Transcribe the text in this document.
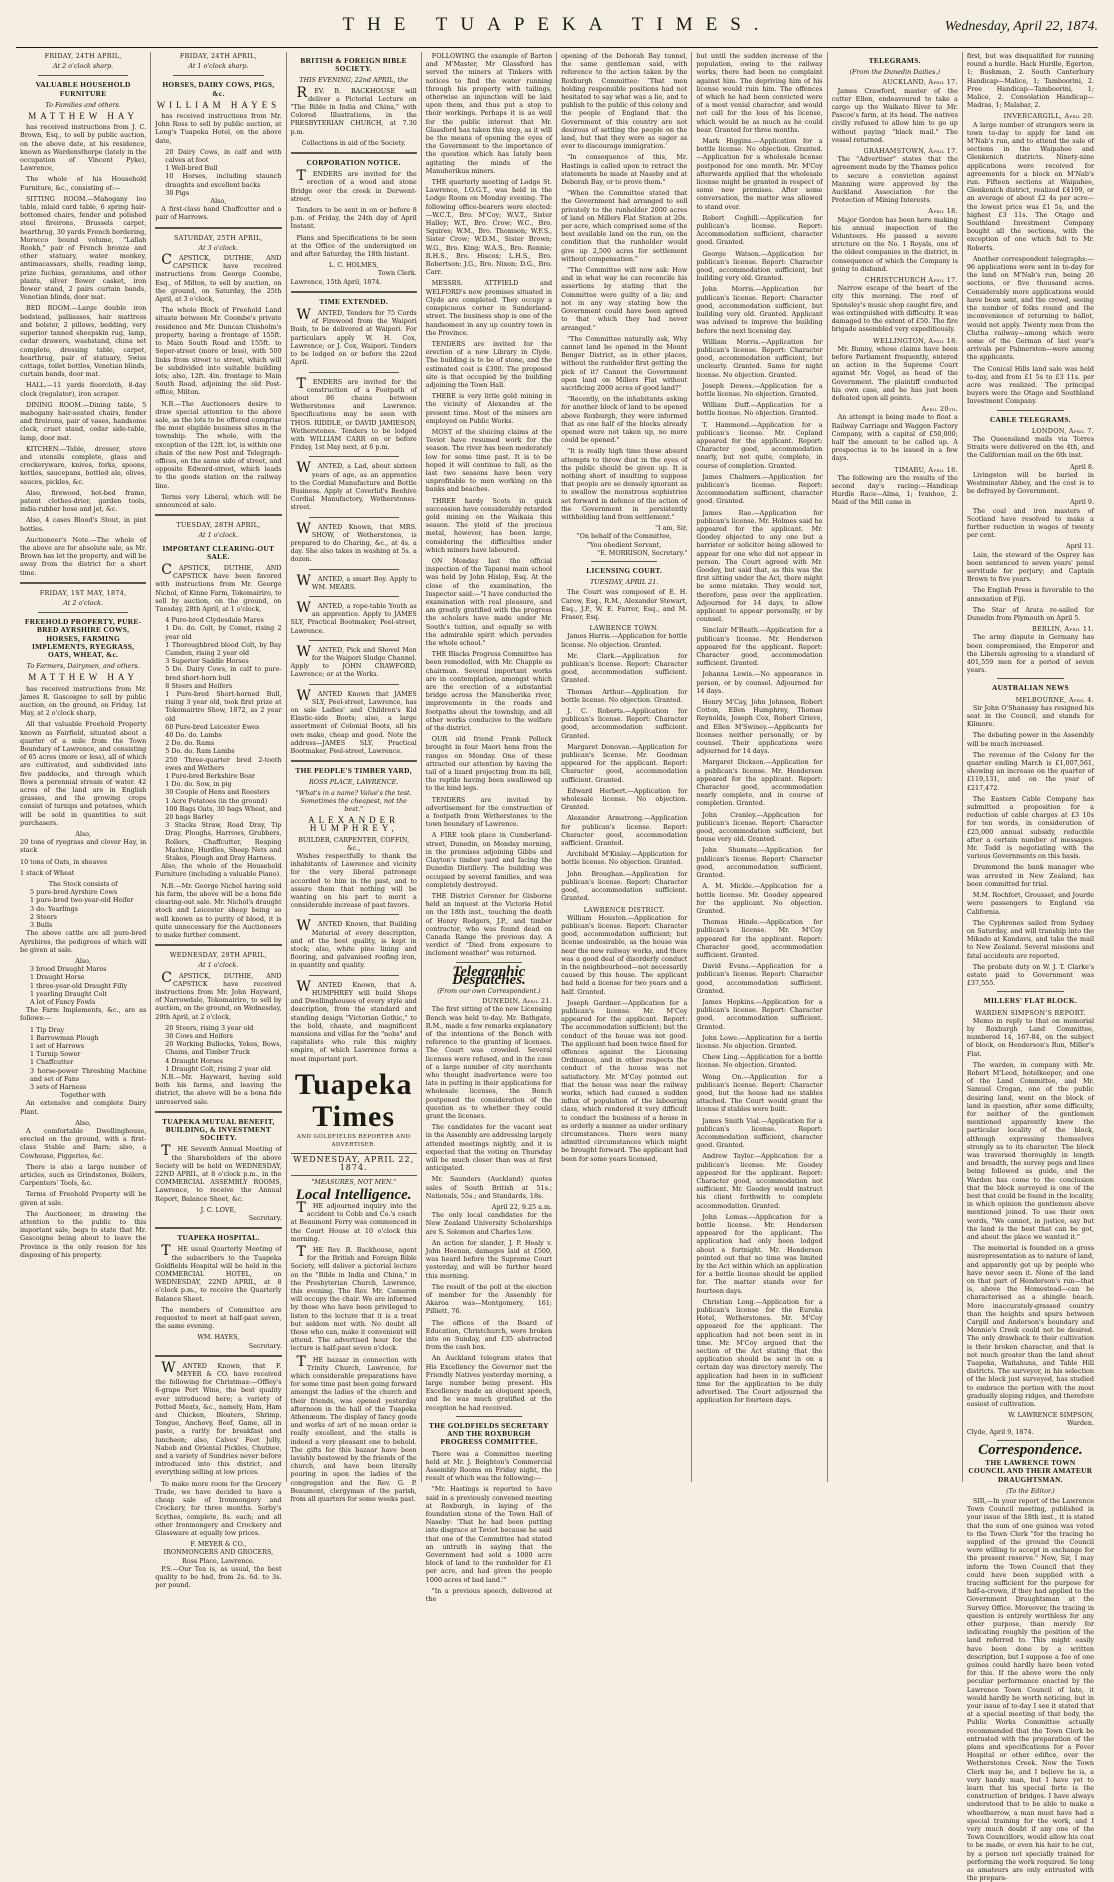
THE TUAPEKA TIMES.	Wednesday, April 22, 1874.
FRIDAY, 24TH APRIL,
At 2 o'clock sharp.
VALUABLE HOUSEHOLD FURNITURE
To Families and others.
MATTHEW HAY

has received instructions from J. C. Brown, Esq., to sell by public auction, on the above date, at his residence, known as Wardensthorpe (lately in the occupation of Vincent Pyke), Lawrence,

The whole of his Household Furniture, &c., consisting of:—

SITTING ROOM.—Mahogany loo table, inlaid card table, 6 spring hair-bottomed chairs, fender and polished steel fireirons, Brussels carpet, hearthrug, 30 yards French bordering, Morocco bound volume, "Lallah Rookh," pair of French bronze and other statuary, water monkey, antimacassars, shells, reading lamp, prize fuchias, geraniums, and other plants, silver flower casket, iron flower stand, 2 pairs curtain bands, Venetian blinds, door mat.

BED ROOM.—Large double iron bedstead, palliasses, hair mattress and bolster, 2 pillows, bedding, very superior tanned sheepskin rug, lamp, cedar drawers, washstand, china set complete, dressing table, carpet, hearthrug, pair of statuary, Swiss cottage, toilet bottles, Venetian blinds, curtain bands, door mat.

HALL.—11 yards floorcloth, 8-day clock (regulator), iron scraper.

DINING ROOM.—Dining table, 5 mahogany hair-seated chairs, fender and fireirons, pair of vases, handsome clock, cruet stand, cedar side-table, lamp, door mat.

KITCHEN.—Table, dresser, stove and utensils complete, glass and crockeryware, knives, forks, spoons, kettles, saucepans, bottled ale, olives, sauces, pickles, &c.

Also, firewood, hot-bed frame, patent clothes-drier, garden tools, india-rubber hose and jet, &c.

Also, 4 cases Blood's Stout, in pint bottles.

Auctioneer's Note.—The whole of the above are for absolute sale, as Mr. Brown has let the property, and will be away from the district for a short time.

FRIDAY, 1ST MAY, 1874,
At 2 o'clock.
FREEHOLD PROPERTY, PURE-BRED AYRSHIRE COWS, HORSES, FARMING IMPLEMENTS, RYEGRASS, OATS, WHEAT, &c.
To Farmers, Dairymen, and others.
MATTHEW HAY

has received instructions from Mr. James R. Gascoigne to sell by public auction, on the ground, on Friday, 1st May, at 2 o'clock sharp,

All that valuable Freehold Property known as Fairfield, situated about a quarter of a mile from the Town Boundary of Lawrence, and consisting of 65 acres (more or less), all of which are cultivated, and subdivided into five paddocks, and through which flows a perennial stream of water. 42 acres of the land are in English grasses, and the growing crops consist of turnips and potatoes, which will be sold in quantities to suit purchasers.

Also,

20 tons of ryegrass and clover Hay, in stack

10 tons of Oats, in sheaves

1 stack of Wheat

The Stock consists of
5 pure-bred Ayrshire Cows
1 pure-bred two-year-old Heifer
3 do. Yearlings
2 Steers
3 Bulls

The above cattle are all pure-bred Ayrshires, the pedigrees of which will be given at sale.

Also,
3 brood Draught Mares
1 Draught Horse
1 three-year-old Draught Filly
1 yearling Draught Colt
A lot of Fancy Fowls

The Farm Implements, &c., are as follows:—

1 Tip Dray
1 Barrowman Plough
1 set of Harrows
1 Turnip Sower
1 Chaffcutter
3 horse-power Threshing Machine and set of Fans
3 sets of Harness
Together with

An extensive and complete Dairy Plant.

Also,

A comfortable Dwellinghouse, erected on the ground, with a first-class Stable and Barn; also, a Cowhouse, Piggeries, &c.

There is also a large number of articles, such as Grindstones, Boilers, Carpenters' Tools, &c.

Terms of Freehold Property will be given at sale.

The Auctioneer, in drawing the attention to the public to this important sale, begs to state that Mr. Gascoigne being about to leave the Province is the only reason for his disposing of his property.

FRIDAY, 24TH APRIL,
At 1 o'clock sharp.
HORSES, DAIRY COWS, PIGS, &c.
WILLIAM HAYES

has received instructions from Mr. John Ross to sell by public auction, at Long's Tuapeka Hotel, on the above date,

20 Dairy Cows, in calf and with calves at foot
1 Well-bred Bull
10 Horses, including staunch draughts and excellent backs
30 Pigs
Also,

A first-class hand Chaffcutter and a pair of Harrows.

SATURDAY, 25TH APRIL,
At 3 o'clock.

CAPSTICK, DUTHIE, AND CAPSTICK have received instructions from George Coombe, Esq., of Milton, to sell by auction, on the ground, on Saturday, the 25th April, at 3 o'clock,

The whole Block of Freehold Land situate between Mr. Coombe's private residence and Mr. Duncan Chisholm's property, having a frontage of 155ft. to Main South Road and 155ft. to Soper-street (more or less), with 500 links from street to street, which will be subdivided into suitable building lots; also, 12ft. 4in. frontage to Main South Road, adjoining the old Post-office, Milton.

N.B.—The Auctioneers desire to draw special attention to the above sale, as the lots to be offered comprise the most eligible business sites in the township. The whole, with the exception of the 12ft. lot, is within one chain of the new Post and Telegraph-offices, on the same side of street, and opposite Edward-street, which leads to the goods station on the railway line.

Terms very Liberal, which will be announced at sale.

TUESDAY, 28TH APRIL,
At 1 o'clock.
IMPORTANT CLEARING-OUT SALE.

CAPSTICK, DUTHIE, AND CAPSTICK have been favored with instructions from Mr. George Nichol, of Kinne Farm, Tokomairiro, to sell by auction, on the ground, on Tuesday, 28th April, at 1 o'clock,

4 Pure-bred Clydesdale Mares
1 Do. do. Colt, by Comet, rising 2 year old
1 Thoroughbred blood Colt, by Bay Camden, rising 2 year old
3 Superior Saddle Horses
5 Do. Dairy Cows, in calf to pure-bred short-horn bull
8 Steers and Heifers
1 Pure-bred Short-horned Bull, rising 3 year old, took first prize at Tokomairiro Show, 1872, as 2 year old
60 Pure-bred Leicester Ewes
40 Do. do. Lambs
2 Do. do. Rams
5 Do. do. Ram Lambs
250 Three-quarter bred 2-tooth ewes and Wethers
1 Pure-bred Berkshire Boar
1 Do. do. Sow, in pig
30 Couple of Hens and Roosters
1 Acre Potatoes (in the ground)
100 Bags Oats, 30 bags Wheat, and 20 bags Barley
3 Stacks Straw, Road Dray, Tip Dray, Ploughs, Harrows, Grubbers, Rollers, Chaffcutter, Reaping Machine, Hurdles, Sheep Nets and Stakes, Plough and Dray Harness.

Also, the whole of the Household Furniture (including a valuable Piano).

N.B.—Mr. George Nichol having sold his farm, the above will be a bona fide clearing-out sale. Mr. Nichol's draught stock and Leicester sheep being so well known as to purity of blood, it is quite unnecessary for the Auctioneers to make further comment.

WEDNESDAY, 29TH APRIL,
At 1 o'clock.

CAPSTICK, DUTHIE, AND CAPSTICK have received instructions from Mr. John Hayward, of Narrowdale, Tokomairiro, to sell by auction, on the ground, on Wednesday, 29th April, at 2 o'clock,

20 Steers, rising 3 year old
30 Cows and Heifers
20 Working Bullocks, Yokes, Bows, Chains, and Timber Truck
4 Draught Horses
1 Draught Colt, rising 2 year old

N.B.—Mr. Hayward, having sold both his farms, and leaving the district, the above will be a bona fide unreserved sale.

TUAPEKA MUTUAL BENEFIT, BUILDING, & INVESTMENT SOCIETY.

THE Seventh Annual Meeting of the Shareholders of the above Society will be held on WEDNESDAY, 22ND APRIL, at 8 o'clock p.m., in the COMMERCIAL ASSEMBLY ROOMS, Lawrence, to receive the Annual Report, Balance Sheet, &c.

J. C. LOVE,
Secretary.
TUAPEKA HOSPITAL.

THE usual Quarterly Meeting of the subscribers to the Tuapeka Goldfields Hospital will be held in the COMMERCIAL HOTEL, on WEDNESDAY, 22ND APRIL, at 8 o'clock p.m., to receive the Quarterly Balance Sheet.

The members of Committee are requested to meet at half-past seven, the same evening.

WM. HAYES,
Secretary.

WANTED Known, that F. MEYER & CO. have received the following for Christmas:—Offley's 6-grape Port Wine, the best quality ever introduced here; a variety of Potted Meats, &c., namely, Ham, Ham and Chicken, Bloaters, Shrimp, Tongue, Anchovy, Beef, Game, all in paste, a rarity for breakfast and luncheon; also, Calves' Feet Jelly, Nabob and Oriental Pickles, Chutnee, and a variety of Sundries never before introduced into this district, and everything selling at low prices.

To make more room for the Grocery Trade, we have decided to have a cheap sale of Ironmongery and Crockery, for three months. Sorby's Scythes, complete, 8s. each; and all other Ironmongery and Crockery and Glassware at equally low prices.

F. MEYER & CO.,
IRONMONGERS AND GROCERS,
Ross Place, Lawrence.

P.S.—Our Tea is, as usual, the best quality to be had, from 2s. 6d. to 3s. per pound.

BRITISH & FOREIGN BIBLE SOCIETY.
THIS EVENING, 22nd APRIL, the

REV. B. BACKHOUSE will deliver a Pictorial Lecture on "The Bible in India and China," with Colored Illustrations, in the PRESBYTERIAN CHURCH, at 7.30 p.m.

Collections in aid of the Society.
CORPORATION NOTICE.

TENDERS are invited for the erection of a wood and stone Bridge over the creek in Derwent-street.

Tenders to be sent in on or before 8 p.m. of Friday, the 24th day of April Instant.

Plans and Specifications to be seen at the Office of the undersigned on and after Saturday, the 18th Instant.

L. C. HOLMES,
Town Clerk.
Lawrence, 15th April, 1874.
TIME EXTENDED.

WANTED, Tenders for 75 Cords of Firewood from the Waipori Bush, to be delivered at Waipori. For particulars apply W. H. Cox, Lawrence; or J. Cox, Waipori. Tenders to be lodged on or before the 22nd April.

TENDERS are invited for the construction of a Footpath of about 86 chains between Wetherstones and Lawrence. Specifications may be seen with THOS. RIDDLE, or DAVID JAMIESON, Wetherstones. Tenders to be lodged with WILLIAM CARR on or before Friday, 1st May next, at 6 p.m.

WANTED, a Lad, about sixteen years of age, as an apprentice to the Cordial Manufacture and Bottle Business. Apply at Coverlid's Beehive Cordial Manufactory, Wetherstones-street.

WANTED Known, that MRS. SHOW, of Wetherstones, is prepared to do Charing, &c., at 4s. a day. She also takes in washing at 5s. a dozen.

WANTED, a smart Boy. Apply to WM. MEARS.

WANTED, a rope-table Youth as an apprentice. Apply to JAMES SLY, Practical Bootmaker, Peel-street, Lawrence.

WANTED, Pick and Shovel Men for the Waipori Sludge Channel. Apply to JOHN CRAWFORD, Lawrence; or at the Works.

WANTED Known that JAMES SLY, Peel-street, Lawrence, has on sale Ladies' and Children's Kid Elastic-side Boots; also, a large assortment of Colonial Boots, all his own make, cheap and good. Note the address—JAMES SLY, Practical Bootmaker, Peel-street, Lawrence.

THE PEOPLE'S TIMBER YARD,
ROSS PLACE, LAWRENCE.
"What's in a name? Value's the test. Sometimes the cheapest, not the best."
ALEXANDER HUMPHREY,
BUILDER, CARPENTER, COFFIN, &c.,

Wishes respectfully to thank the inhabitants of Lawrence and vicinity for the very liberal patronage accorded to him in the past, and to assure them that nothing will be wanting on his part to merit a considerable increase of past favors.

WANTED Known, that Building Material of every description, and of the best quality, is kept in stock; also, white pine lining and flooring, and galvanised roofing iron, in quantity and quality.

WANTED Known, that A. HUMPHREY will build Shops and Dwellinghouses of every style and description, from the standard and standing design "Victorian Gothic," to the bold, chaste, and magnificent mansions and villas for the "nobs" and capitalists who rule this mighty empire, of which Lawrence forms a most important part.

Tuapeka Times
AND GOLDFIELDS REPORTER AND ADVERTISER.
WEDNESDAY, APRIL 22, 1874.
"MEASURES, NOT MEN."
Local Intelligence.

THE adjourned inquiry into the accident to Cobb and Co.'s coach at Beaumont Ferry was commenced in the Court House at 10 o'clock this morning.

THE Rev. B. Backhouse, agent for the British and Foreign Bible Society, will deliver a pictorial lecture on the "Bible in India and China," in the Presbyterian Church, Lawrence, this evening. The Rev. Mr. Cameron will occupy the chair. We are informed by those who have been privileged to listen to the lecture that it is a treat but seldom met with. No doubt all those who can, make it convenient will attend. The advertised hour for the lecture is half-past seven o'clock.

THE bazaar in connection with Trinity Church, Lawrence, for which considerable preparations have for some time past been going forward amongst the ladies of the church and their friends, was opened yesterday afternoon in the hall of the Tuapeka Athenæum. The display of fancy goods and works of art of no mean order is really excellent, and the stalls is indeed a very pleasant one to behold. The gifts for this bazaar have been lavishly bestowed by the friends of the church, and have been literally pouring in upon the ladies of the congregation and the Rev. G. P. Beaumont, clergyman of the parish, from all quarters for some weeks past.

FOLLOWING the example of Barton and M'Master, Mr Glassford has served the miners at Tinkers with notices to find the water running through his property with tailings, otherwise an injunction will be laid upon them, and thus put a stop to their workings. Perhaps it is as well for the public interest that Mr. Glassford has taken this step, as it will be the means of opening the eyes of the Government to the importance of the question which has lately been agitating the minds of the Manuherikua miners.

THE quarterly meeting of Lodge St. Lawrence, I.O.G.T., was held in the Lodge Room on Monday evening. The following office-bearers were elected:—W.C.T., Bro. M'Coy; W.V.T., Sister Halley; W.T., Bro. Crow; W.C., Bro. Squires; W.M., Bro. Thomson; W.F.S., Sister Crow; W.D.M., Sister Brown; W.G., Bro. King; W.A.S., Bro. Rennie; R.H.S., Bro. Hiscox; L.H.S., Bro. Robertson; J.G., Bro. Nixon; D.G., Bro. Carr.

MESSRS. ATTFIELD and WELFORD's new premises situated in Clyde are completed. They occupy a conspicuous corner in Sunderland-street. The business shop is one of the handsomest in any up country town in the Province.

TENDERS are invited for the erection of a new Library in Clyde. The building is to be of stone, and the estimated cost is £300. The proposed site is that occupied by the building adjoining the Town Hall.

THERE is very little gold mining in the vicinity of Alexandra at the present time. Most of the miners are employed on Public Works.

MOST of the sluicing claims at the Teviot have resumed work for the season. The river has been moderately low for some time past. It is to be hoped it will continue to fall, as the last two seasons have been very unprofitable to men working on the banks and beaches.

THREE hardy Scots in quick succession have considerably retarded gold mining on the Waikaia this season. The yield of the precious metal, however, has been large, considering the difficulties under which miners have laboured.

ON Monday last the official inspection of the Tapanui main school was held by John Hislop, Esq. At the close of the examination, the Inspector said:—"I have conducted the examination with real pleasure, and am greatly gratified with the progress the scholars have made under Mr. South's tuition, and equally so with the admirable spirit which pervades the whole school."

THE Blacks Progress Committee has been remodelled, with Mr. Chapple as chairman. Several important works are in contemplation, amongst which are the erection of a substantial bridge across the Manuherika river, improvements in the roads and footpaths about the township, and all other works conducive to the welfare of the district.

OUR old friend Frank Pollock brought in four Maori hens from the ranges on Monday. One of these attracted our attention by having the tail of a lizard projecting from its bill, the reptile having been swallowed up to the hind legs.

TENDERS are invited by advertisement for the construction of a footpath from Wetherstones to the town boundary of Lawrence.

A FIRE took place in Cumberland-street, Dunedin, on Monday morning, in the premises adjoining Gibbs and Clayton's timber yard and facing the Dunedin Distillery. The building was occupied by several families, and was completely destroyed.

THE District Coroner for Gisborne held an inquest at the Victoria Hotel on the 18th inst., touching the death of Henry Rodgers, J.P., and timber contractor, who was found dead on Canada Range the previous day. A verdict of "Died from exposure to inclement weather" was returned.

Telegraphic Despatches.
(From our own Correspondent.)
DUNEDIN, April 21.

The first sitting of the new Licensing Bench was held to-day. Mr. Bathgate, R.M., made a few remarks explanatory of the intentions of the Bench with reference to the granting of licenses. The Court was crowded. Several licenses were refused, and in the case of a large number of city merchants who thought inadvertence were too late in putting in their applications for wholesale licenses, the Bench postponed the consideration of the question as to whether they could grant the licenses.

The candidates for the vacant seat in the Assembly are addressing largely attended meetings nightly, and it is expected that the voting on Thursday will be much closer than was at first anticipated.

Mr. Saunders (Auckland) quotes sales of South British at 51s.; Nationals, 55s.; and Standards, 18s.

April 22, 9.25 a.m.

The only local candidates for the New Zealand University Scholarships are S. Solomon and Charles Low.

An action for slander, J. P. Healy v. John Heenan, damages laid at £500, was heard before the Supreme Court yesterday, and will be further heard this morning.

The result of the poll at the election of member for the Assembly for Akaroa was—Montgomery, 161; Pilliett, 76.

The offices of the Board of Education, Christchurch, were broken into on Sunday, and £35 abstracted from the cash box.

An Auckland telegram states that His Excellency the Governor met the Friendly Natives yesterday morning, a large number being present. His Excellency made an eloquent speech, and he was much gratified at the reception he had received.

THE GOLDFIELDS SECRETARY AND THE ROXBURGH PROGRESS COMMITTEE.

There was a Committee meeting held at Mr. J. Beighton's Commercial Assembly Rooms on Friday night, the result of which was the following:—

"Mr. Hastings is reported to have said in a previously convened meeting at Roxburgh, in laying of the foundation stone of the Town Hall of Naseby: 'That he had been putting into disgrace at Teviot because he said that one of the Committee had stated an untruth in saying that the Government had sold a 1000 acre block of land to the runholder for £1 per acre, and had given the people 1000 acres of bad land.'"

"In a previous speech, delivered at the

opening of the Deborah Bay tunnel, the same gentleman said, with reference to the action taken by the Roxburgh Committee: 'That men holding responsible positions had not hesitated to say what was a lie, and to publish to the public of this colony and the people of England that the Government of this country are not desirous of settling the people on the land, but that they were as eager as ever to discourage immigration.'

"In consequence of this, Mr. Hastings is called upon to retract the statements he made at Naseby and at Deborah Bay, or to prove them."

"When the Committee stated that the Government had arranged to sell privately to the runholder 2000 acres of land on Millers Flat Station at 20s. per acre, which comprised some of the best available land on the run, on the condition that the runholder would give up 2,500 acres for settlement without compensation."

"The Committee will now ask: How and in what way he can reconcile his assertions by stating that the Committee were guilty of a lie; and not in any way stating how the Government could have been agreed to that which they had never arranged."

"The Committee naturally ask, Why cannot land be opened in the Mount Benger District, as in other places, without the runholder first getting the pick of it? Cannot the Government open land on Millers Flat without sacrificing 2000 acres of good land?"

"Recently, on the inhabitants asking for another block of land to be opened above Roxburgh, they were informed that as one half of the blocks already opened were not taken up, no more could be opened."

"It is really high time these absurd attempts to throw dust in the eyes of the public should be given up. It is nothing short of insulting to suppose that people are so densely ignorant as to swallow the monstrous sophistries set forward in defence of the action of the Government in persistently withholding land from settlement."

"I am, Sir,
"On behalf of the Committee,
"You obedient Servant,
"E. MORRISON, Secretary."
LICENSING COURT.
TUESDAY, APRIL 21.

The Court was composed of E. H. Carew, Esq., R.M., Alexander Stewart, Esq., J.P., W. E. Farrer, Esq., and M. Fraser, Esq.

LAWRENCE TOWN.

James Harris.—Application for bottle license. No objection. Granted.

Mr. Clark.—Application for publican's license. Report: Character good, accommodation sufficient. Granted.

Thomas Arthur.—Application for bottle license. No objection. Granted.

J. C. Roberts.—Application for publican's license. Report: Character good, accommodation sufficient. Granted.

Margaret Donovan.—Application for publican's license. Mr. Goodman appeared for the applicant. Report: Character good, accommodation sufficient. Granted.

Edward Herbert.—Application for wholesale license. No objection. Granted.

Alexander Armstrong.—Application for publican's license. Report: Character good, accommodation sufficient. Granted.

Archibald M'Kinlay.—Application for bottle license. No objection. Granted.

John Broughan.—Application for publican's license. Report: Character good, accommodation sufficient. Granted.

LAWRENCE DISTRICT.

William Houston.—Application for publican's license. Report: Character good, accommodation sufficient; but license undesirable, as the house was near the new railway works, and there was a good deal of disorderly conduct in the neighbourhood—not necessarily caused by this house. The applicant had held a license for two years and a half. Granted.

Joseph Gardner.—Application for a publican's license. Mr. M'Coy appeared for the applicant. Report: The accommodation sufficient; but the conduct of the house was not good. The applicant had been twice fined for offences against the Licensing Ordinance, and in other respects the conduct of the house was not satisfactory. Mr. M'Coy pointed out that the house was near the railway works, which had caused a sudden influx of population of the labouring class, which rendered it very difficult to conduct the business of a house in as orderly a manner as under ordinary circumstances. There were many admitted circumstances which might be brought forward. The applicant had been for some years licensed,

but until the sudden increase of the population, owing to the railway works, there had been no complaint against him. The depriving him of his license would ruin him. The offences of which he had been convicted were of a most venial character, and would not call for the loss of his license, which would be as much as he could bear. Granted for three months.

Mark Higgins.—Application for a bottle license. No objection. Granted.—Application for a wholesale license postponed for one month. Mr. M'Coy afterwards applied that the wholesale license might be granted in respect of some new premises. After some conversation, the matter was allowed to stand over.

Robert Coghill.—Application for publican's license. Report: Accommodation sufficient, character good. Granted.

George Watson.—Application for publican's license. Report: Character good, accommodation sufficient, but building very old. Granted.

John Morris.—Application for publican's license. Report: Character good, accommodation sufficient, but building very old. Granted. Applicant was advised to improve the building before the next licensing day.

William Morris.—Application for publican's license. Report: Character good, accommodation sufficient, but unclearly. Granted. Same for night license. No objection. Granted.

Joseph Dewes.—Application for a bottle license. No objection. Granted.

William Duff.—Application for a bottle license. No objection. Granted.

T. Hammond.—Application for a publican's license. Mr. Copland appeared for the applicant. Report: Character good, accommodation nearly, but not quite, complete, in course of completion. Granted.

James Chalmers.—Application for publican's license. Report: Accommodation sufficient, character good. Granted.

James Rae.—Application for publican's license. Mr. Holmes said he appeared for the applicant. Mr. Goodey objected to any one but a barrister or solicitor being allowed to appear for one who did not appear in person. The Court agreed with Mr. Goodey, but said that, as this was the first sitting under the Act, there might be some mistake. They would not, therefore, pass over the application. Adjourned for 14 days, to allow applicant to appear personally, or by counsel.

Sinclair M'Beath.—Application for a publican's license. Mr. Henderson appeared for the applicant. Report: Character good, accommodation sufficient. Granted.

Johanna Lewis.—No appearance in person, or by counsel. Adjourned for 14 days.

Henry M'Cay, John Johnson, Robert Cotton, Ellen Humphrey, Thomas Reynolds, Joseph Cox, Robert Grieve, and Ellen M'Swiney.—Applicants for licenses neither personally, or by counsel. Their applications were adjourned for 14 days.

Margaret Dickson.—Application for a publican's license. Mr. Henderson appeared for the applicant. Report: Character good, accommodation nearly complete, and in course of completion. Granted.

John Cranley.—Application for publican's license. Report: Character good, accommodation sufficient, but house very old. Granted.

John Shumate.—Application for publican's license. Report: Character good, accommodation sufficient. Granted.

A. M. Mickle.—Application for a bottle license. Mr. Goodey appeared for the applicant. No objection. Granted.

Thomas Hinde.—Application for publican's license. Mr. M'Coy appeared for the applicant. Report: Character good, accommodation sufficient. Granted.

David Evans.—Application for a publican's license. Report: Character good, accommodation sufficient. Granted.

James Hopkins.—Application for a publican's license. Report: Character good, accommodation sufficient. Granted.

John Lowe.—Application for a bottle license. No objection. Granted.

Chew Ling.—Application for a bottle license. No objection. Granted.

Wong On.—Application for a publican's license. Report: Character good, but the house had no stables attached. The Court would grant the license if stables were built.

James Smith Vial.—Application for a publican's license. Report: Accommodation sufficient, character good. Granted.

Andrew Taylor.—Application for a publican's license. Mr. Goodey appeared for the applicant. Report: Character good, accommodation not sufficient. Mr. Goodey would instruct his client forthwith to complete accommodation. Granted.

John Lomas.—Application for a bottle license. Mr. Henderson appeared for the applicant. The application had only been lodged about a fortnight. Mr. Henderson pointed out that no time was limited by the Act within which an application for a bottle license should be applied for. The matter stands over for fourteen days.

Christian Long.—Application for a publican's license for the Eureka Hotel, Wetherstones. Mr. M'Coy appeared for the applicant. The application had not been sent in in time. Mr. M'Coy argued that the section of the Act stating that the application should be sent in on a certain day was directory merely. The application had been in in sufficient time for the application to be duly advertised. The Court adjourned the application for fourteen days.

TELEGRAMS.
(From the Dunedin Dailies.)
AUCKLAND, April 17.

James Crawford, master of the cutter Ellen, endeavoured to take a cargo up the Waikato River to Mr. Pascoe's farm, at its head. The natives civilly refused to allow him to go up without paying "black mail." The vessel returned.

GRAHAMSTOWN, April 17.

The "Advertiser" states that the agreement made by the Thames police to secure a conviction against Manning were approved by the Auckland Association for the Protection of Mining Interests.

April 18.

Major Gordon has been here making his annual inspection of the Volunteers. He passed a severe stricture on the No. 1 Royals, one of the oldest companies in the district, in consequence of which the Company is going to disband.

CHRISTCHURCH April 17.

Narrow escape of the heart of the city this morning. The roof of Spensley's music shop caught fire, and was extinguished with difficulty. It was damaged to the extent of £50. The fire brigade assembled very expeditiously.

WELLINGTON, April 18.

Mr. Bunny, whose claims have been before Parliament frequently, entered an action in the Supreme Court against Mr. Vogel, as head of the Government. The plaintiff conducted his own case, and he has just been defeated upon all points.

April 20th.

An attempt is being made to float a Railway Carriage and Waggon Factory Company, with a capital of £50,000; half the amount to be called up. A prospectus is to be issued in a few days.

TIMARU, April 18.

The following are the results of the second day's racing:—Handicap Hurdle Race—Alma, 1; Ivanhoe, 2. Maid of the Mill came in

first, but was disqualified for running round a hurdle. Hack Hurdle, Egerton, 1; Bushman, 2. South Canterbury Handicap—Malice, 1; Tamboorini, 2. Free Handicap—Tamboorini, 1; Malice, 2. Consolation Handicap—Madras, 1; Malabar, 2.

INVERCARGILL, April 20.

A large number of strangers were in town to-day to apply for land on M'Nab's run, and to attend the sale of sections in the Waipahee and Glenkenich districts. Ninety-nine applications were received for agreements for a block on M'Nab's run. Fifteen sections at Waipahee, Glenkenich district, realized £4109, or an average of about £2 4s per acre—the lowest price was £1 5s, and the highest £3 11s. The Otago and Southland Investment Company bought all the sections, with the exception of one which fell to Mr. Roberts.

Another correspondent telegraphs:—96 applications were sent in to-day for the land on M'Nab's run, being 26 sections, or five thousand acres. Considerably more applications would have been sent, and the crowd, seeing the number of folks round and the inconvenience of returning to ballot, would not apply. Twenty men from the Clutha railway—among which were some of the German of last year's arrivals per Palmerston—were among the applicants.

The Conical Hills land sale was held to-day, and from £1 5s to £3 11s. per acre was realized. The principal buyers were the Otago and Southland Investment Company.

CABLE TELEGRAMS.
LONDON, April 7.

The Queensland mails via Torres Straits were delivered on the 4th, and the Californian mail on the 6th inst.

April 8.

Livingston will be buried in Westminster Abbey, and the cost is to be defrayed by Government.

April 9.

The coal and iron masters of Scotland have resolved to make a further reduction in wages of twenty per cent.

April 11.

Lain, the steward of the Osprey has been sentenced to seven years' penal servitude for perjury; and Captain Brown to five years.

The English Press is favorable to the annexation of Fiji.

The Star of Arata re-sailed for Dunedin from Plymouth on April 5.

BERLIN, April 11.

The army dispute in Germany has been compromised, the Emperor and the Liberals agreeing to a standard of 401,559 men for a period of seven years.

AUSTRALIAN NEWS
MELBOURNE, April 4.

Sir John O'Shanassy has resigned his seat in the Council, and stands for Kilmore.

The debating power in the Assembly will be much increased.

The revenue of the Colony for the quarter ending March is £1,007,561, showing an increase on the quarter of £119,131, and on the year of £217,472.

The Eastern Cable Company has submitted a proposition for a reduction of cable charges at £3 10s for ten words, in consideration of £25,000 annual subsidy, reducible after a certain number of messages. Mr. Todd is negotiating with the various Governments on this basis.

Drummond the bank manager who was arrested in New Zealand, has been committed for trial.

M.M. Rochfort, Grousset, and Jourde were passengers to England via California.

The Cyphrenes sailed from Sydney on Saturday, and will tranship into the Mikado at Kandavu, and take the mail to New Zealand. Several missions and fatal accidents are reported.

The probate duty on W. J. T. Clarke's estate paid to Government was £37,555.

MILLERS' FLAT BLOCK.
WARDEN SIMPSON'S REPORT.

Memo in reply to that on memorial by Roxburgh Land Committee, numbered 14, 167-84, on the subject of block, on Henderson's Run, Miller's Flat.

The warden, in company with Mr. Robert M'Leod, hotelkeeper, and one of the Land Committee, and Mr. Samuel Crogan, one of the public desiring land, went on the block of land in question, after some difficulty, for neither of the gentlemen mentioned apparently knew the particular locality of the block, although expressing themselves strongly as to its character. The block was traversed thoroughly in length and breadth, the survey pegs and lines being followed as guide, and the Warden has come to the conclusion that the block surveyed is one of the best that could be found in the locality, in which opinion the gentlemen above mentioned joined. To use their own words, "We cannot, in justice, say but the land is the best that can be got, and about the place we wanted it."

The memorial is founded on a gross misrepresentation as to nature of land, and apparently got up by people who have never seen it. None of the land on that part of Henderson's run—that is, above the Homestead—can be characterised as a shingle beach. More inaccurately-grassed country than the heights and spurs between Cargill and Anderson's boundary and Mennie's Creek could not be desired. The only drawback to their cultivation is their broken character, and that is not much greater than the land about Tuapeka, Waitahuna, and Table Hill districts. The surveyor, in his selection of the block just surveyed, has studied to embrace the portion with the most gradually sloping ridges, and therefore easiest of cultivation.

W. LAWRENCE SIMPSON,
Warden.
Clyde, April 9, 1874.
Correspondence.
THE LAWRENCE TOWN COUNCIL AND THEIR AMATEUR DRAUGHTSMAN.
(To the Editor.)

SIR,—In your report of the Lawrence Town Council meeting, published in your issue of the 18th inst., it is stated that the sum of one guinea was voted to the Town Clerk "for the tracing he supplied of the ground the Council were willing to accept in exchange for the present reserve." Now, Sir, I may inform the Town Council that they could have been supplied with a tracing sufficient for the purpose for half-a-crown, if they had applied to the Government Draughtsman at the Survey Office. Moreover, the tracing in question is entirely worthless for any other purpose, than merely for indicating roughly the position of the land referred to. This might easily have been done by a written description, but I suppose a fee of one guinea could hardly have been voted for this. If the above were the only peculiar performance enacted by the Lawrence Town Council of late, it would hardly be worth noticing, but in your issue of to-day I see it stated that at a special meeting of that body, the Public Works Committee actually recommended that the Town Clerk be entrusted with the preparation of the plans and specifications for a Fever Hospital or other edifice, over the Wetherstones Creek. Now the Town Clerk may be, and I believe he is, a very handy man, but I have yet to learn that his special forte is the construction of bridges. I have always understood that to be able to make a wheelbarrow, a man must have had a special training for the work, and I very much doubt if any one of the Town Councillors, would allow his coat to be made, or even his hair to be cut, by a person not specially trained for performing the work required. So long as amateurs are only entrusted with the prepara-
